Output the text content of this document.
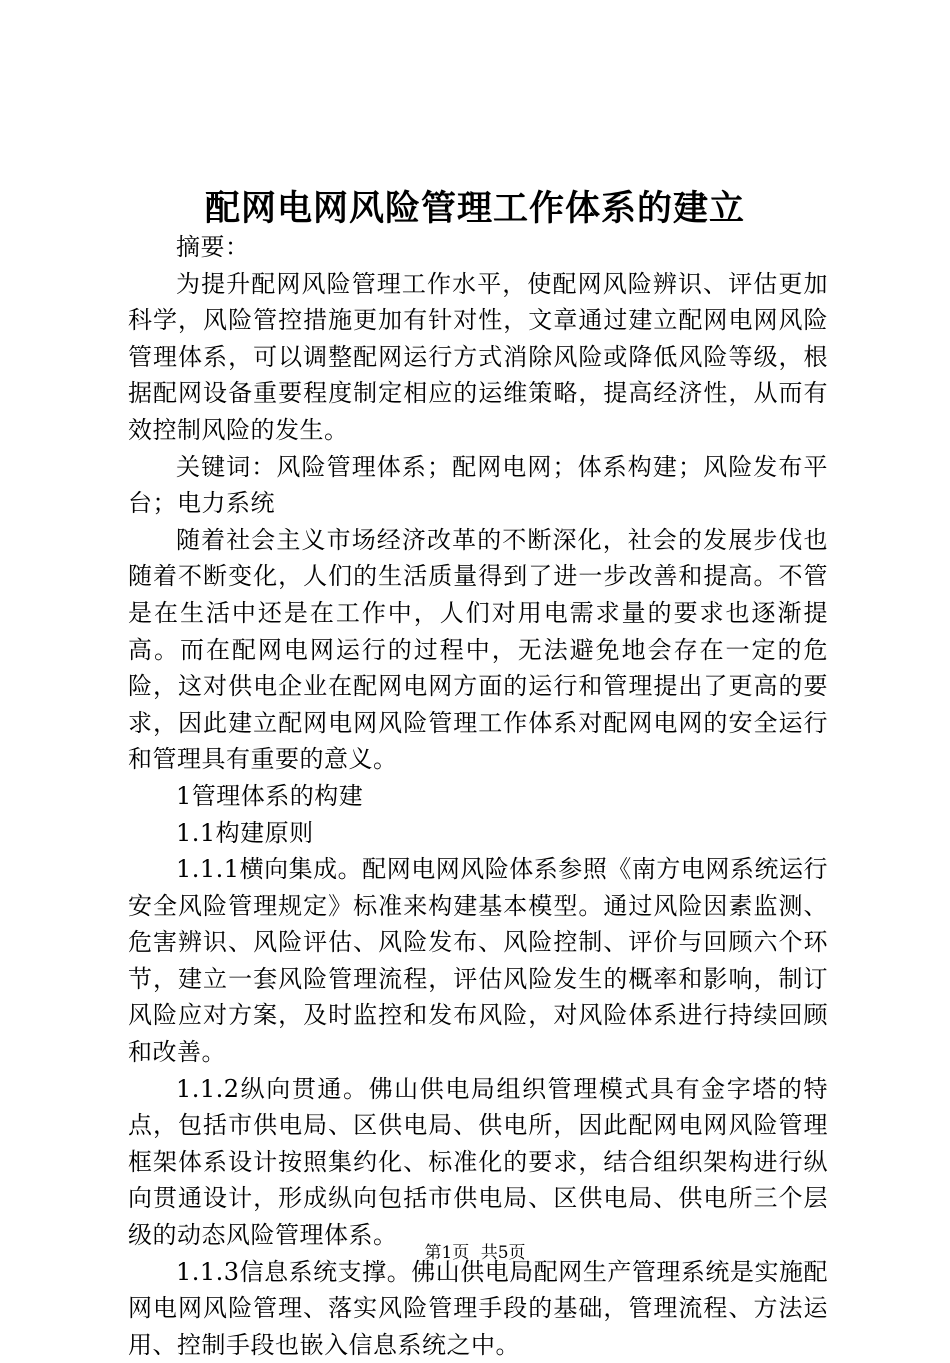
配网电网风险管理工作体系的建立

摘要：

为提升配网风险管理工作水平，使配网风险辨识、评估更加科学，风险管控措施更加有针对性，文章通过建立配网电网风险管理体系，可以调整配网运行方式消除风险或降低风险等级，根据配网设备重要程度制定相应的运维策略，提高经济性，从而有效控制风险的发生。

关键词：风险管理体系；配网电网；体系构建；风险发布平台；电力系统

随着社会主义市场经济改革的不断深化，社会的发展步伐也随着不断变化，人们的生活质量得到了进一步改善和提高。不管是在生活中还是在工作中，人们对用电需求量的要求也逐渐提高。而在配网电网运行的过程中，无法避免地会存在一定的危险，这对供电企业在配网电网方面的运行和管理提出了更高的要求，因此建立配网电网风险管理工作体系对配网电网的安全运行和管理具有重要的意义。

1管理体系的构建

1.1构建原则

1.1.1横向集成。配网电网风险体系参照《南方电网系统运行安全风险管理规定》标准来构建基本模型。通过风险因素监测、危害辨识、风险评估、风险发布、风险控制、评价与回顾六个环节，建立一套风险管理流程，评估风险发生的概率和影响，制订风险应对方案，及时监控和发布风险，对风险体系进行持续回顾和改善。

1.1.2纵向贯通。佛山供电局组织管理模式具有金字塔的特点，包括市供电局、区供电局、供电所，因此配网电网风险管理框架体系设计按照集约化、标准化的要求，结合组织架构进行纵向贯通设计，形成纵向包括市供电局、区供电局、供电所三个层级的动态风险管理体系。

1.1.3信息系统支撑。佛山供电局配网生产管理系统是实施配网电网风险管理、落实风险管理手段的基础，管理流程、方法运用、控制手段也嵌入信息系统之中。

第1页 共5页
